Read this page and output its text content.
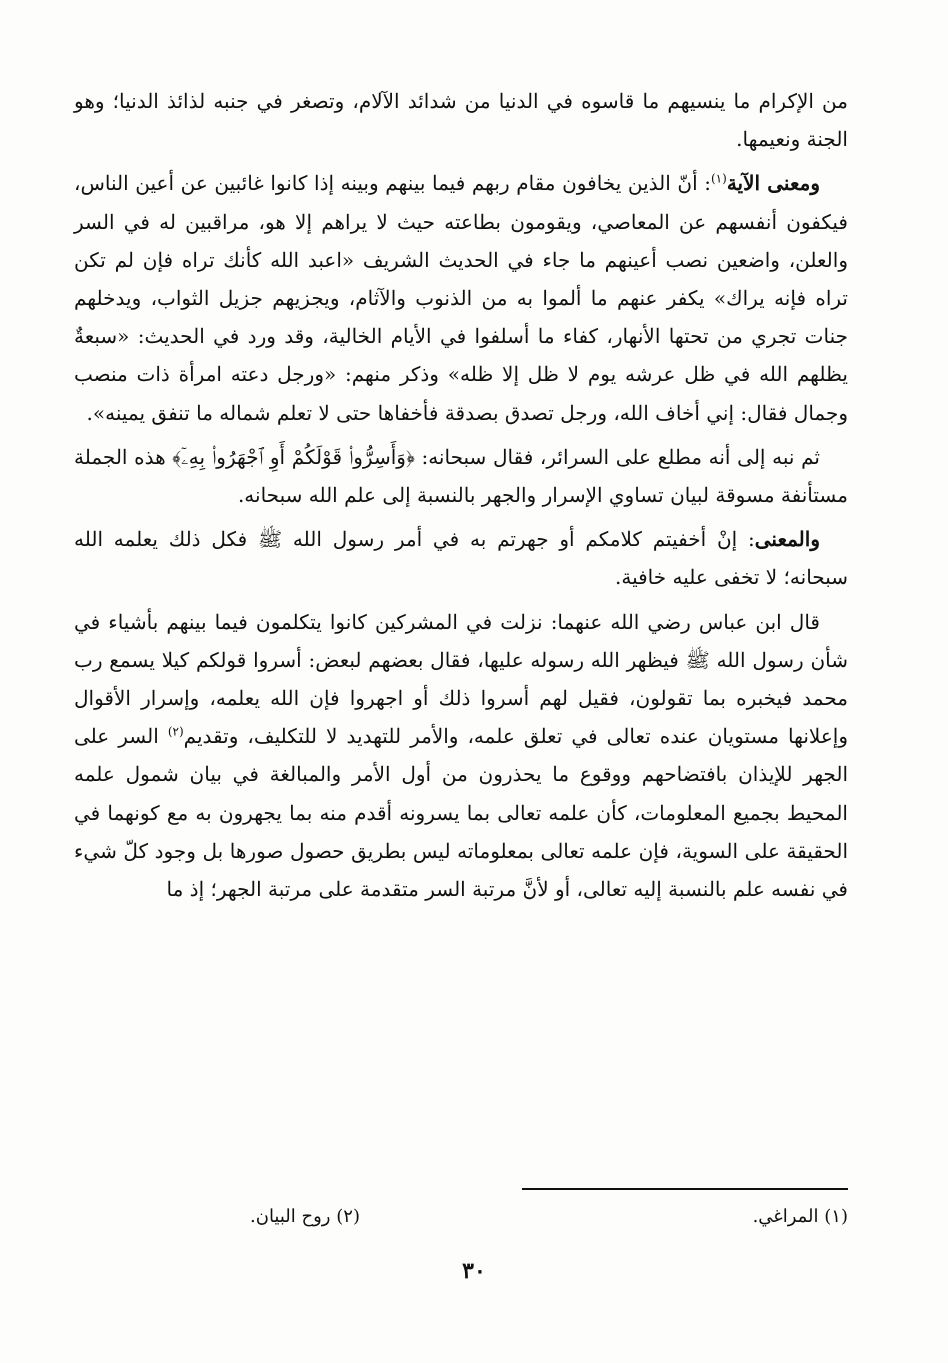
من الإكرام ما ينسيهم ما قاسوه في الدنيا من شدائد الآلام، وتصغر في جنبه لذائذ الدنيا؛ وهو الجنة ونعيمها.

ومعنى الآية$^{(١)}$: أنّ الذين يخافون مقام ربهم فيما بينهم وبينه إذا كانوا غائبين عن أعين الناس، فيكفون أنفسهم عن المعاصي، ويقومون بطاعته حيث لا يراهم إلا هو، مراقبين له في السر والعلن، واضعين نصب أعينهم ما جاء في الحديث الشريف «اعبد الله كأنك تراه فإن لم تكن تراه فإنه يراك» يكفر عنهم ما ألموا به من الذنوب والآثام، ويجزيهم جزيل الثواب، ويدخلهم جنات تجري من تحتها الأنهار، كفاء ما أسلفوا في الأيام الخالية، وقد ورد في الحديث: «سبعةٌ يظلهم الله في ظل عرشه يوم لا ظل إلا ظله» وذكر منهم: «ورجل دعته امرأة ذات منصب وجمال فقال: إني أخاف الله، ورجل تصدق بصدقة فأخفاها حتى لا تعلم شماله ما تنفق يمينه».

ثم نبه إلى أنه مطلع على السرائر، فقال سبحانه: ﴿وَأَسِرُّوا۟ قَوْلَكُمْ أَوِ ٱجْهَرُوا۟ بِهِۦٓ﴾ هذه الجملة مستأنفة مسوقة لبيان تساوي الإسرار والجهر بالنسبة إلى علم الله سبحانه.

والمعنى: إنْ أخفيتم كلامكم أو جهرتم به في أمر رسول الله ﷺ فكل ذلك يعلمه الله سبحانه؛ لا تخفى عليه خافية.

قال ابن عباس رضي الله عنهما: نزلت في المشركين كانوا يتكلمون فيما بينهم بأشياء في شأن رسول الله ﷺ فيظهر الله رسوله عليها، فقال بعضهم لبعض: أسروا قولكم كيلا يسمع رب محمد فيخبره بما تقولون، فقيل لهم أسروا ذلك أو اجهروا فإن الله يعلمه، وإسرار الأقوال وإعلانها مستويان عنده تعالى في تعلق علمه، والأمر للتهديد لا للتكليف، وتقديم$^{(٢)}$ السر على الجهر للإيذان بافتضاحهم ووقوع ما يحذرون من أول الأمر والمبالغة في بيان شمول علمه المحيط بجميع المعلومات، كأن علمه تعالى بما يسرونه أقدم منه بما يجهرون به مع كونهما في الحقيقة على السوية، فإن علمه تعالى بمعلوماته ليس بطريق حصول صورها بل وجود كلّ شيء في نفسه علم بالنسبة إليه تعالى، أو لأنَّ مرتبة السر متقدمة على مرتبة الجهر؛ إذ ما

(١) المراغي.
(٢) روح البيان.
٣٠
